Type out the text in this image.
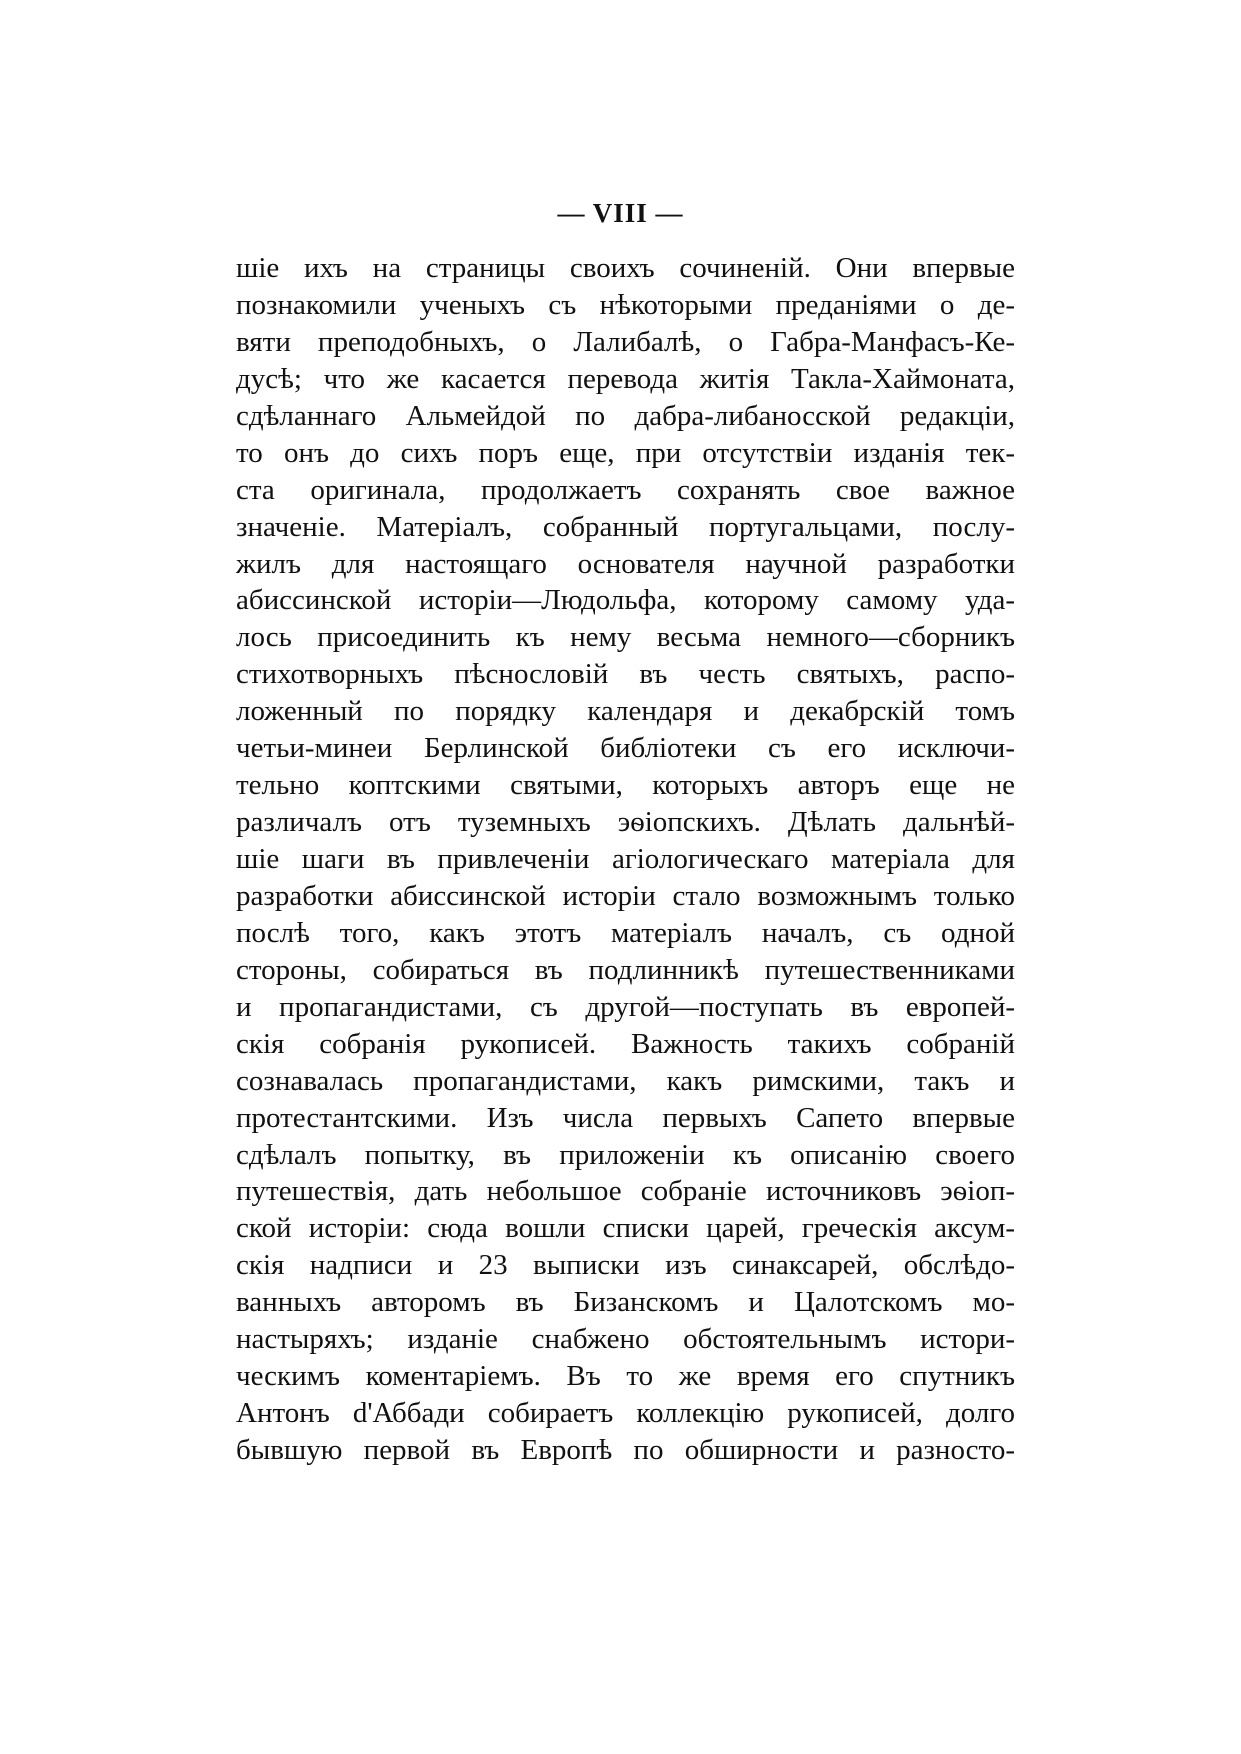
— VIII —
шіе ихъ на страницы своихъ сочиненій. Они впервые
познакомили ученыхъ съ нѣкоторыми преданіями о де-
вяти преподобныхъ, о Лалибалѣ, о Габра-Манфасъ-Ке-
дусѣ; что же касается перевода житія Такла-Хаймоната,
сдѣланнаго Альмейдой по дабра-либаносской редакціи,
то онъ до сихъ поръ еще, при отсутствіи изданія тек-
ста оригинала, продолжаетъ сохранять свое важное
значеніе. Матеріалъ, собранный португальцами, послу-
жилъ для настоящаго основателя научной разработки
абиссинской исторіи—Людольфа, которому самому уда-
лось присоединить къ нему весьма немного—сборникъ
стихотворныхъ пѣснословій въ честь святыхъ, распо-
ложенный по порядку календаря и декабрскій томъ
четьи-минеи Берлинской библіотеки съ его исключи-
тельно коптскими святыми, которыхъ авторъ еще не
различалъ отъ туземныхъ эѳіопскихъ. Дѣлать дальнѣй-
шіе шаги въ привлеченіи агіологическаго матеріала для
разработки абиссинской исторіи стало возможнымъ только
послѣ того, какъ этотъ матеріалъ началъ, съ одной
стороны, собираться въ подлинникѣ путешественниками
и пропагандистами, съ другой—поступать въ европей-
скія собранія рукописей. Важность такихъ собраній
сознавалась пропагандистами, какъ римскими, такъ и
протестантскими. Изъ числа первыхъ Сапето впервые
сдѣлалъ попытку, въ приложеніи къ описанію своего
путешествія, дать небольшое собраніе источниковъ эѳіоп-
ской исторіи: сюда вошли списки царей, греческія аксум-
скія надписи и 23 выписки изъ синаксарей, обслѣдо-
ванныхъ авторомъ въ Бизанскомъ и Цалотскомъ мо-
настыряхъ; изданіе снабжено обстоятельнымъ истори-
ческимъ коментаріемъ. Въ то же время его спутникъ
Антонъ d'Аббади собираетъ коллекцію рукописей, долго
бывшую первой въ Европѣ по обширности и разносто-
